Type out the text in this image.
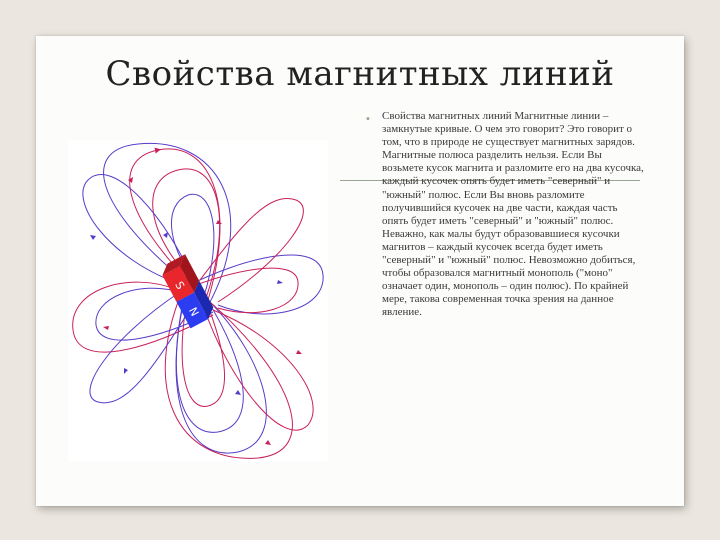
Свойства магнитных линий
S
N
• Свойства магнитных линий Магнитные линии – замкнутые кривые. О чем это говорит? Это говорит о том, что в природе не существует магнитных зарядов. Магнитные полюса разделить нельзя. Если Вы возьмете кусок магнита и разломите его на два кусочка, каждый кусочек опять будет иметь "северный" и "южный" полюс. Если Вы вновь разломите получившийся кусочек на две части, каждая часть опять будет иметь "северный" и "южный" полюс. Неважно, как малы будут образовавшиеся кусочки магнитов – каждый кусочек всегда будет иметь "северный" и "южный" полюс. Невозможно добиться, чтобы образовался магнитный монополь ("моно" означает один, монополь – один полюс). По крайней мере, такова современная точка зрения на данное явление.
